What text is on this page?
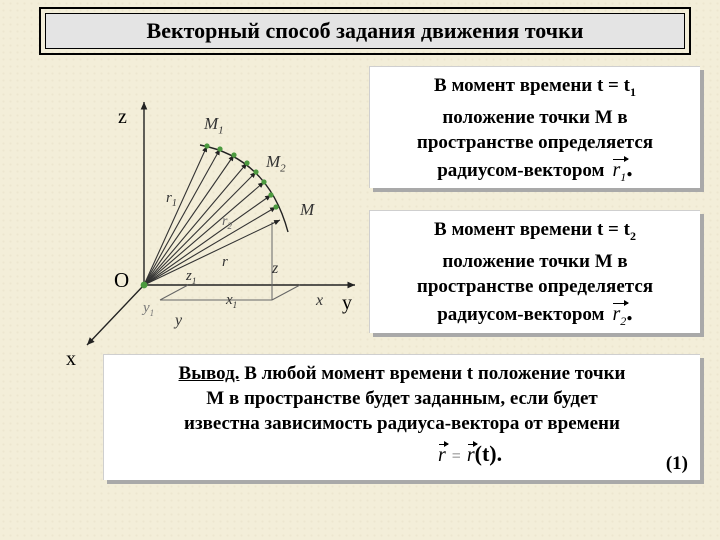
Векторный способ задания движения точки
z
x
y
O
$M_1$
$M_2$
M
$r_1$
$r_2$
r
$z_1$
$x_1$
$y_1$
z
x
y
В момент времени $t = t_1$
положение точки M в
пространстве определяется
радиусом-вектором $r_1$.
В момент времени $t = t_2$
положение точки M в
пространстве определяется
радиусом-вектором $r_2$.
Вывод. В любой момент времени t положение точки
M в пространстве будет заданным, если будет
известна зависимость радиуса-вектора от времени
r = r(t).	(1)
